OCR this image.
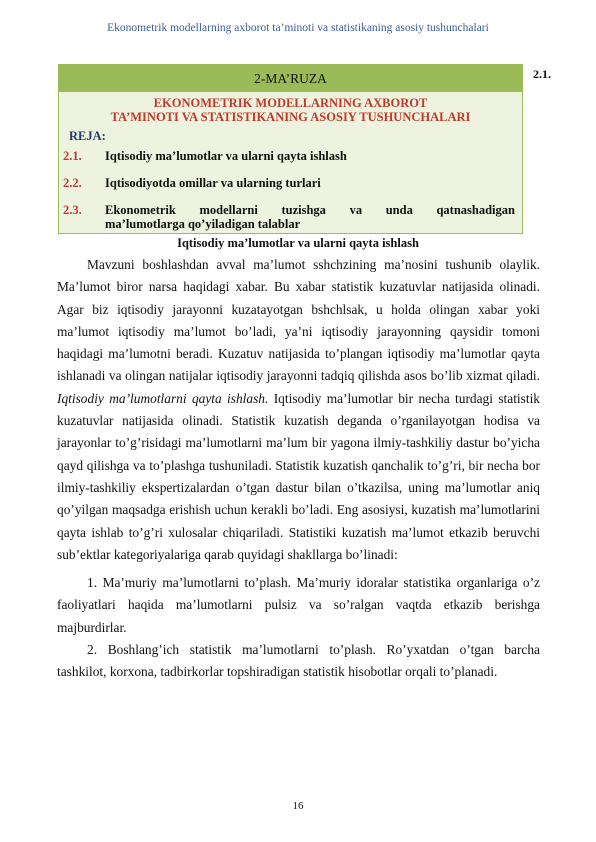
Ekonometrik modellarning axborot ta’minoti va statistikaning asosiy tushunchalari
2.1.
2-MA’RUZA
EKONOMETRIK MODELLARNING AXBOROT
TA’MINOTI VA STATISTIKANING ASOSIY TUSHUNCHALARI
REJA:
2.1. Iqtisodiy ma’lumotlar va ularni qayta ishlash
2.2. Iqtisodiyotda omillar va ularning turlari
2.3. Ekonometrik modellarni tuzishga va unda qatnashadigan
ma’lumotlarga qo’yiladigan talablar
Iqtisodiy ma’lumotlar va ularni qayta ishlash

Mavzuni boshlashdan avval ma’lumot sshchzining ma’nosini tushunib olaylik. Ma’lumot biror narsa haqidagi xabar. Bu xabar statistik kuzatuvlar natijasida olinadi. Agar biz iqtisodiy jarayonni kuzatayotgan bshchlsak, u holda olingan xabar yoki ma’lumot iqtisodiy ma’lumot bo’ladi, ya’ni iqtisodiy jarayonning qaysidir tomoni haqidagi ma’lumotni beradi. Kuzatuv natijasida to’plangan iqtisodiy ma’lumotlar qayta ishlanadi va olingan natijalar iqtisodiy jarayonni tadqiq qilishda asos bo’lib xizmat qiladi. Iqtisodiy ma’lumotlarni qayta ishlash. Iqtisodiy ma’lumotlar bir necha turdagi statistik kuzatuvlar natijasida olinadi. Statistik kuzatish deganda o’rganilayotgan hodisa va jarayonlar to’g’risidagi ma’lumotlarni ma’lum bir yagona ilmiy-tashkiliy dastur bo’yicha qayd qilishga va to’plashga tushuniladi. Statistik kuzatish qanchalik to’g’ri, bir necha bor ilmiy-tashkiliy ekspertizalardan o’tgan dastur bilan o’tkazilsa, uning ma’lumotlar aniq qo’yilgan maqsadga erishish uchun kerakli bo’ladi. Eng asosiysi, kuzatish ma’lumotlarini qayta ishlab to’g’ri xulosalar chiqariladi. Statistiki kuzatish ma’lumot etkazib beruvchi sub’ektlar kategoriyalariga qarab quyidagi shakllarga bo’linadi:

1. Ma’muriy ma’lumotlarni to’plash. Ma’muriy idoralar statistika organlariga o’z faoliyatlari haqida ma’lumotlarni pulsiz va so’ralgan vaqtda etkazib berishga majburdirlar.

2. Boshlang’ich statistik ma’lumotlarni to’plash. Ro’yxatdan o’tgan barcha tashkilot, korxona, tadbirkorlar topshiradigan statistik hisobotlar orqali to’planadi.

16
